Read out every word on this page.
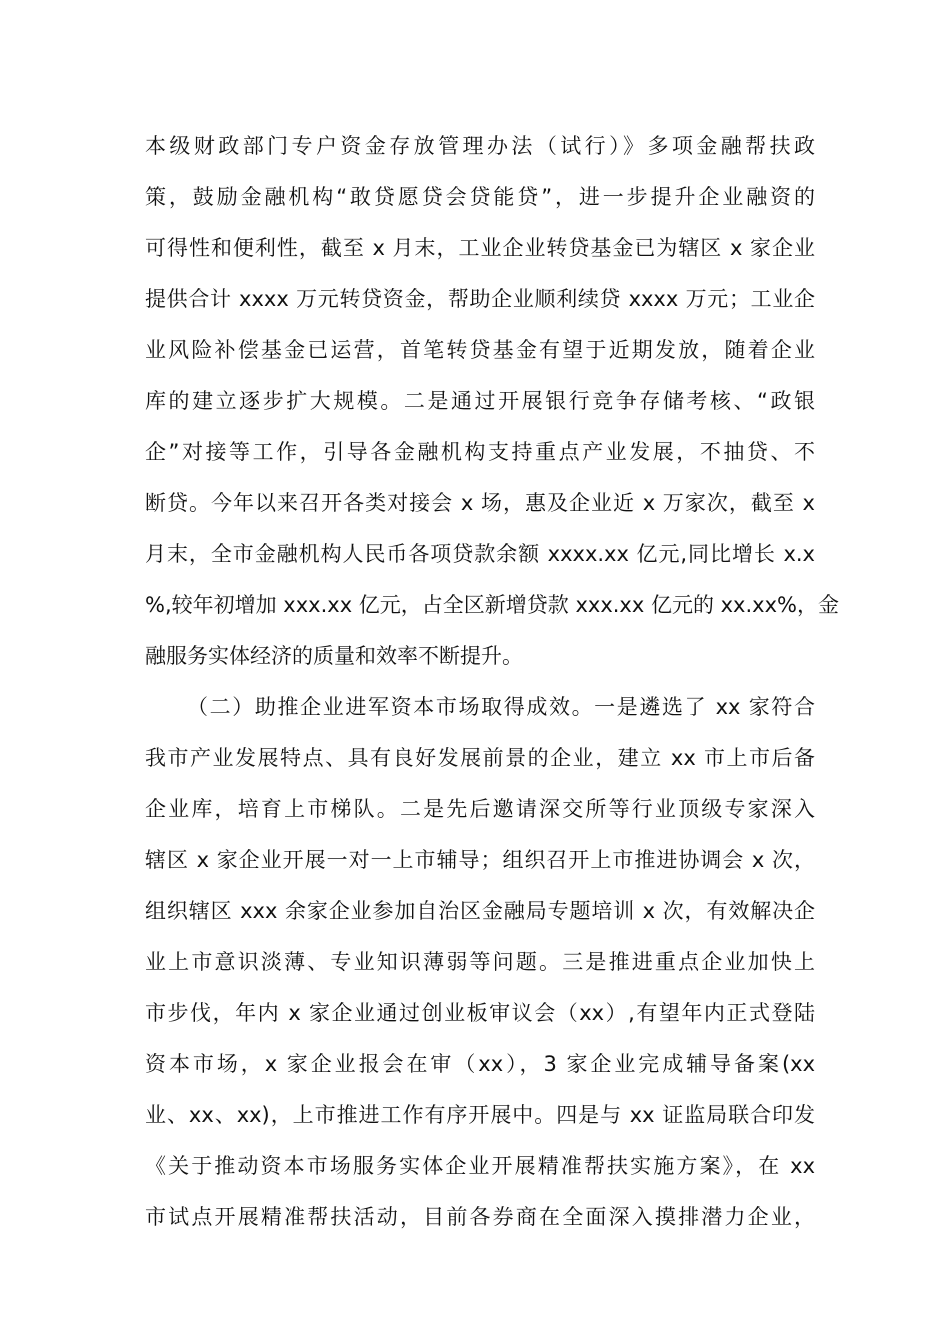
本级财政部门专户资金存放管理办法（试行）》多项金融帮扶政
策，鼓励金融机构“敢贷愿贷会贷能贷”，进一步提升企业融资的
可得性和便利性，截至 x 月末，工业企业转贷基金已为辖区 x 家企业
提供合计 xxxx 万元转贷资金，帮助企业顺利续贷 xxxx 万元；工业企
业风险补偿基金已运营，首笔转贷基金有望于近期发放，随着企业
库的建立逐步扩大规模。二是通过开展银行竞争存储考核、“政银
企”对接等工作，引导各金融机构支持重点产业发展，不抽贷、不
断贷。今年以来召开各类对接会 x 场，惠及企业近 x 万家次，截至 x
月末，全市金融机构人民币各项贷款余额 xxxx.xx 亿元,同比增长 x.x
%,较年初增加 xxx.xx 亿元，占全区新增贷款 xxx.xx 亿元的 xx.xx%，金
融服务实体经济的质量和效率不断提升。
（二）助推企业进军资本市场取得成效。一是遴选了 xx 家符合
我市产业发展特点、具有良好发展前景的企业，建立 xx 市上市后备
企业库，培育上市梯队。二是先后邀请深交所等行业顶级专家深入
辖区 x 家企业开展一对一上市辅导；组织召开上市推进协调会 x 次，
组织辖区 xxx 余家企业参加自治区金融局专题培训 x 次，有效解决企
业上市意识淡薄、专业知识薄弱等问题。三是推进重点企业加快上
市步伐，年内 x 家企业通过创业板审议会（xx）,有望年内正式登陆
资本市场，x 家企业报会在审（xx），3 家企业完成辅导备案(xx
业、xx、xx)，上市推进工作有序开展中。四是与 xx 证监局联合印发
《关于推动资本市场服务实体企业开展精准帮扶实施方案》，在 xx
市试点开展精准帮扶活动，目前各券商在全面深入摸排潜力企业，
